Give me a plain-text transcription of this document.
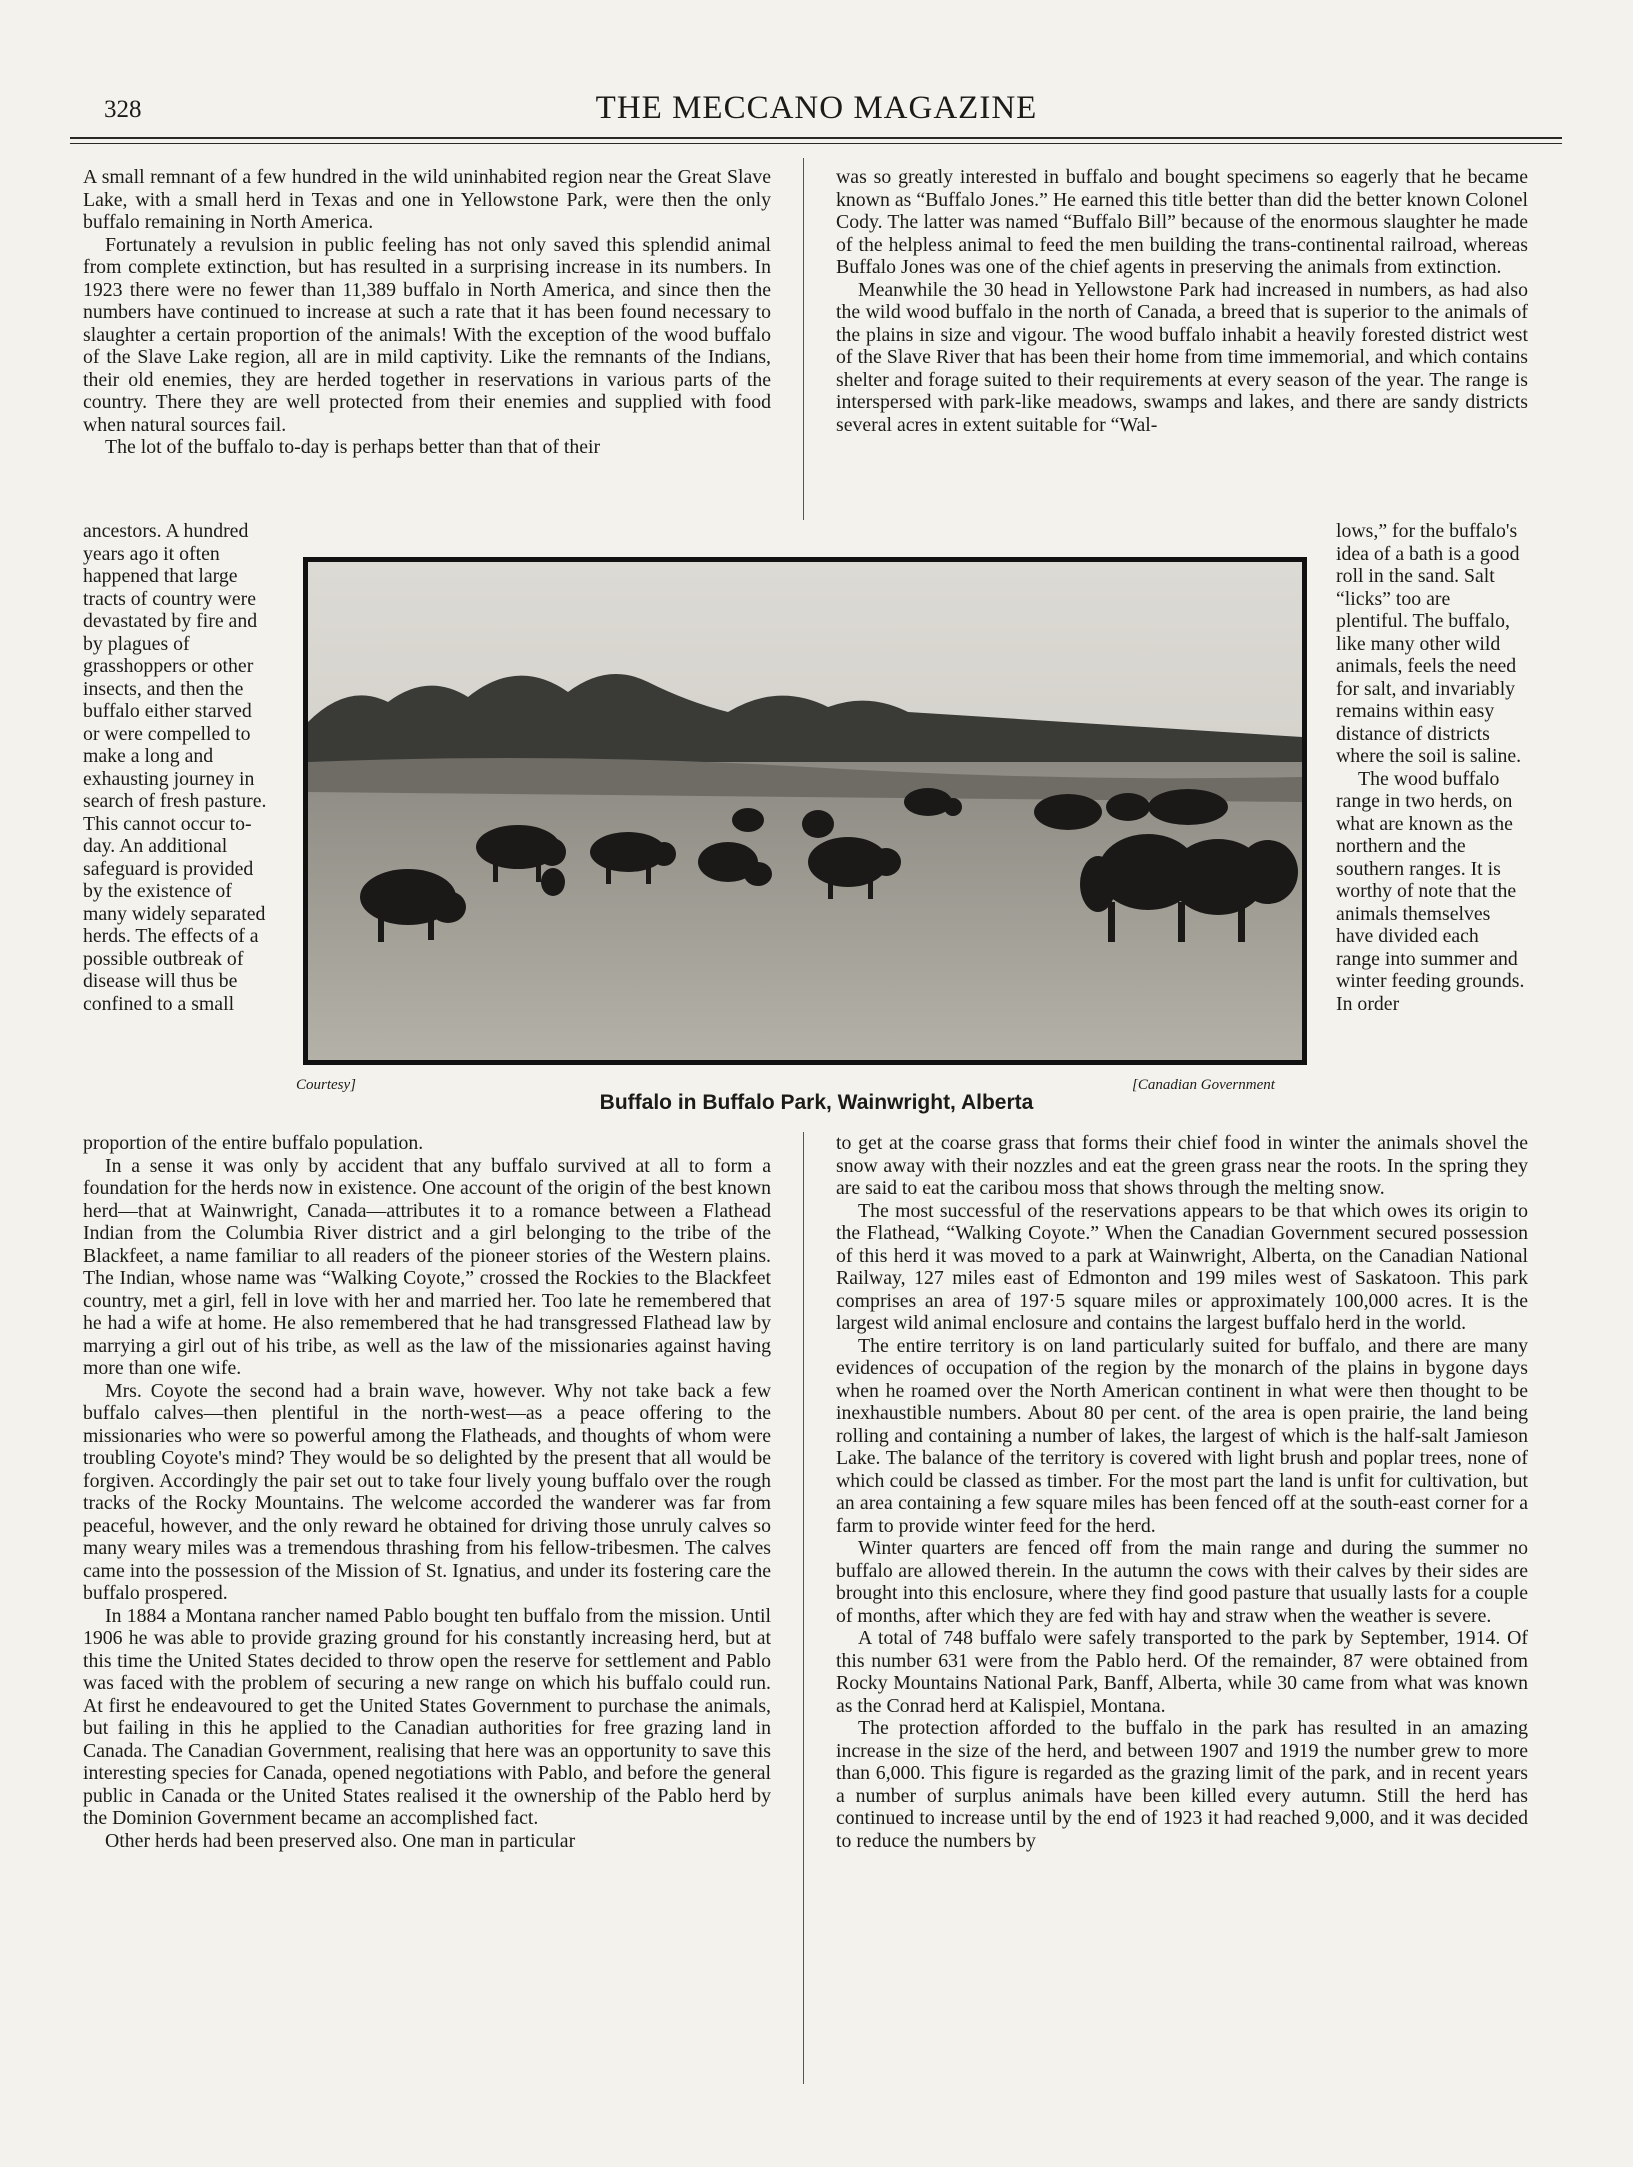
328	THE MECCANO MAGAZINE

A small remnant of a few hundred in the wild uninhabited region near the Great Slave Lake, with a small herd in Texas and one in Yellowstone Park, were then the only buffalo remaining in North America.

Fortunately a revulsion in public feeling has not only saved this splendid animal from complete extinction, but has resulted in a surprising increase in its numbers. In 1923 there were no fewer than 11,389 buffalo in North America, and since then the numbers have continued to increase at such a rate that it has been found necessary to slaughter a certain proportion of the animals! With the exception of the wood buffalo of the Slave Lake region, all are in mild captivity. Like the remnants of the Indians, their old enemies, they are herded together in reservations in various parts of the country. There they are well protected from their enemies and supplied with food when natural sources fail.

The lot of the buffalo to-day is perhaps better than that of their

ancestors. A hundred years ago it often happened that large tracts of country were devastated by fire and by plagues of grasshoppers or other insects, and then the buffalo either starved or were compelled to make a long and exhausting journey in search of fresh pasture. This cannot occur to-day. An additional safeguard is provided by the existence of many widely separated herds. The effects of a possible outbreak of disease will thus be confined to a small

was so greatly interested in buffalo and bought specimens so eagerly that he became known as “Buffalo Jones.” He earned this title better than did the better known Colonel Cody. The latter was named “Buffalo Bill” because of the enormous slaughter he made of the helpless animal to feed the men building the trans-continental railroad, whereas Buffalo Jones was one of the chief agents in preserving the animals from extinction.

Meanwhile the 30 head in Yellowstone Park had increased in numbers, as had also the wild wood buffalo in the north of Canada, a breed that is superior to the animals of the plains in size and vigour. The wood buffalo inhabit a heavily forested district west of the Slave River that has been their home from time immemorial, and which contains shelter and forage suited to their requirements at every season of the year. The range is interspersed with park-like meadows, swamps and lakes, and there are sandy districts several acres in extent suitable for “Wal-

lows,” for the buffalo's idea of a bath is a good roll in the sand. Salt “licks” too are plentiful. The buffalo, like many other wild animals, feels the need for salt, and invariably remains within easy distance of districts where the soil is saline.

The wood buffalo range in two herds, on what are known as the northern and the southern ranges. It is worthy of note that the animals themselves have divided each range into summer and winter feeding grounds. In order

Courtesy]	[Canadian Government
Buffalo in Buffalo Park, Wainwright, Alberta

proportion of the entire buffalo population.

In a sense it was only by accident that any buffalo survived at all to form a foundation for the herds now in existence. One account of the origin of the best known herd—that at Wainwright, Canada—attributes it to a romance between a Flathead Indian from the Columbia River district and a girl belonging to the tribe of the Blackfeet, a name familiar to all readers of the pioneer stories of the Western plains. The Indian, whose name was “Walking Coyote,” crossed the Rockies to the Blackfeet country, met a girl, fell in love with her and married her. Too late he remembered that he had a wife at home. He also remembered that he had transgressed Flathead law by marrying a girl out of his tribe, as well as the law of the missionaries against having more than one wife.

Mrs. Coyote the second had a brain wave, however. Why not take back a few buffalo calves—then plentiful in the north-west—as a peace offering to the missionaries who were so powerful among the Flatheads, and thoughts of whom were troubling Coyote's mind? They would be so delighted by the present that all would be forgiven. Accordingly the pair set out to take four lively young buffalo over the rough tracks of the Rocky Mountains. The welcome accorded the wanderer was far from peaceful, however, and the only reward he obtained for driving those unruly calves so many weary miles was a tremendous thrashing from his fellow-tribesmen. The calves came into the possession of the Mission of St. Ignatius, and under its fostering care the buffalo prospered.

In 1884 a Montana rancher named Pablo bought ten buffalo from the mission. Until 1906 he was able to provide grazing ground for his constantly increasing herd, but at this time the United States decided to throw open the reserve for settlement and Pablo was faced with the problem of securing a new range on which his buffalo could run. At first he endeavoured to get the United States Government to purchase the animals, but failing in this he applied to the Canadian authorities for free grazing land in Canada. The Canadian Government, realising that here was an opportunity to save this interesting species for Canada, opened negotiations with Pablo, and before the general public in Canada or the United States realised it the ownership of the Pablo herd by the Dominion Government became an accomplished fact.

Other herds had been preserved also. One man in particular

to get at the coarse grass that forms their chief food in winter the animals shovel the snow away with their nozzles and eat the green grass near the roots. In the spring they are said to eat the caribou moss that shows through the melting snow.

The most successful of the reservations appears to be that which owes its origin to the Flathead, “Walking Coyote.” When the Canadian Government secured possession of this herd it was moved to a park at Wainwright, Alberta, on the Canadian National Railway, 127 miles east of Edmonton and 199 miles west of Saskatoon. This park comprises an area of 197·5 square miles or approximately 100,000 acres. It is the largest wild animal enclosure and contains the largest buffalo herd in the world.

The entire territory is on land particularly suited for buffalo, and there are many evidences of occupation of the region by the monarch of the plains in bygone days when he roamed over the North American continent in what were then thought to be inexhaustible numbers. About 80 per cent. of the area is open prairie, the land being rolling and containing a number of lakes, the largest of which is the half-salt Jamieson Lake. The balance of the territory is covered with light brush and poplar trees, none of which could be classed as timber. For the most part the land is unfit for cultivation, but an area containing a few square miles has been fenced off at the south-east corner for a farm to provide winter feed for the herd.

Winter quarters are fenced off from the main range and during the summer no buffalo are allowed therein. In the autumn the cows with their calves by their sides are brought into this enclosure, where they find good pasture that usually lasts for a couple of months, after which they are fed with hay and straw when the weather is severe.

A total of 748 buffalo were safely transported to the park by September, 1914. Of this number 631 were from the Pablo herd. Of the remainder, 87 were obtained from Rocky Mountains National Park, Banff, Alberta, while 30 came from what was known as the Conrad herd at Kalispiel, Montana.

The protection afforded to the buffalo in the park has resulted in an amazing increase in the size of the herd, and between 1907 and 1919 the number grew to more than 6,000. This figure is regarded as the grazing limit of the park, and in recent years a number of surplus animals have been killed every autumn. Still the herd has continued to increase until by the end of 1923 it had reached 9,000, and it was decided to reduce the numbers by
